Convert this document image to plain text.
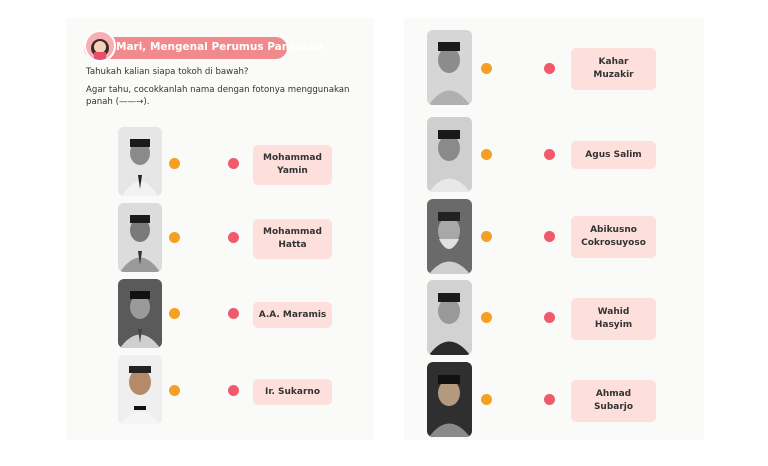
Mari, Mengenal Perumus Pancasila
Tahukah kalian siapa tokoh di bawah?
Agar tahu, cocokkanlah nama dengan fotonya menggunakan
panah (——→).
Mohammad
Yamin
Mohammad
Hatta
A.A. Maramis
Ir. Sukarno
Kahar
Muzakir
Agus Salim
Abikusno
Cokrosuyoso
Wahid
Hasyim
Ahmad
Subarjo
